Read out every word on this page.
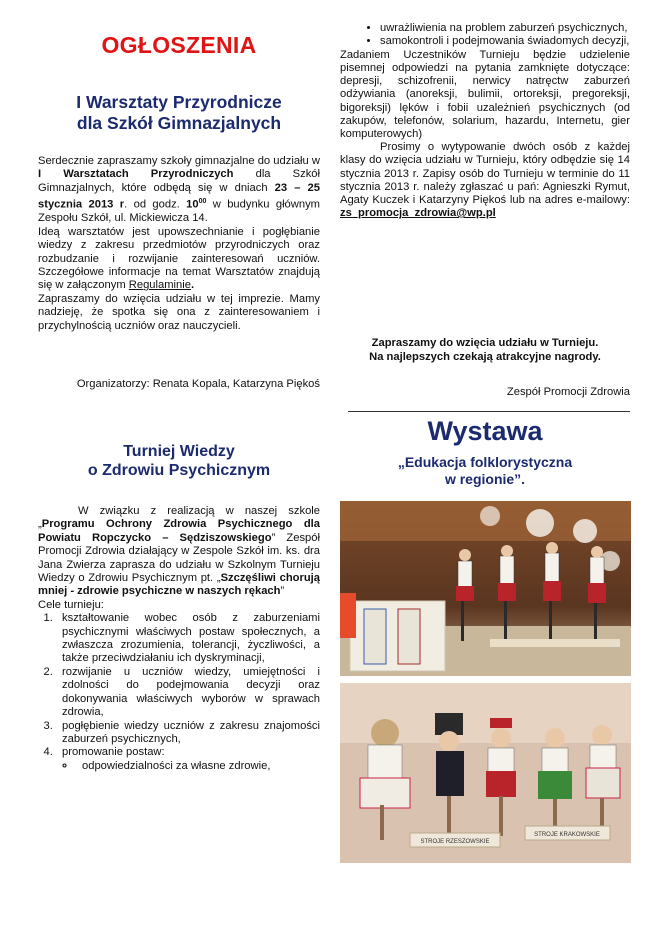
OGŁOSZENIA
I Warsztaty Przyrodnicze
dla Szkół Gimnazjalnych

Serdecznie zapraszamy szkoły gimnazjalne do udziału w I Warsztatach Przyrodniczych dla Szkół Gimnazjalnych, które odbędą się w dniach 23 – 25 stycznia 2013 r. od godz. $10^{00}$ w budynku głównym Zespołu Szkół, ul. Mickiewicza 14.

Ideą warsztatów jest upowszechnianie i pogłębianie wiedzy z zakresu przedmiotów przyrodniczych oraz rozbudzanie i rozwijanie zainteresowań uczniów. Szczegółowe informacje na temat Warsztatów znajdują się w załączonym Regulaminie.

Zapraszamy do wzięcia udziału w tej imprezie. Mamy nadzieję, że spotka się ona z zainteresowaniem i przychylnością uczniów oraz nauczycieli.

Organizatorzy: Renata Kopala, Katarzyna Piękoś
Turniej Wiedzy
o Zdrowiu Psychicznym

W związku z realizacją w naszej szkole „Programu Ochrony Zdrowia Psychicznego dla Powiatu Ropczycko – Sędziszowskiego” Zespół Promocji Zdrowia działający w Zespole Szkół im. ks. dra Jana Zwierza zaprasza do udziału w Szkolnym Turnieju Wiedzy o Zdrowiu Psychicznym pt. „Szczęśliwi chorują mniej - zdrowie psychiczne w naszych rękach”

Cele turnieju:

1. kształtowanie wobec osób z zaburzeniami psychicznymi właściwych postaw społecznych, a zwłaszcza zrozumienia, tolerancji, życzliwości, a także przeciwdziałaniu ich dyskryminacji,
2. rozwijanie u uczniów wiedzy, umiejętności i zdolności do podejmowania decyzji oraz dokonywania właściwych wyborów w sprawach zdrowia,
3. pogłębienie wiedzy uczniów z zakresu znajomości zaburzeń psychicznych,
4. promowanie postaw:
◦ odpowiedzialności za własne zdrowie,
• uwrażliwienia na problem zaburzeń psychicznych,
• samokontroli i podejmowania świadomych decyzji,

Zadaniem Uczestników Turnieju będzie udzielenie pisemnej odpowiedzi na pytania zamknięte dotyczące: depresji, schizofrenii, nerwicy natręctw zaburzeń odżywiania (anoreksji, bulimii, ortoreksji, pregoreksji, bigoreksji) lęków i fobii uzależnień psychicznych (od zakupów, telefonów, solarium, hazardu, Internetu, gier komputerowych)

Prosimy o wytypowanie dwóch osób z każdej klasy do wzięcia udziału w Turnieju, który odbędzie się 14 stycznia 2013 r. Zapisy osób do Turnieju w terminie do 11 stycznia 2013 r. należy zgłaszać u pań: Agnieszki Rymut, Agaty Kuczek i Katarzyny Piękoś lub na adres e-mailowy: zs_promocja_zdrowia@wp.pl

Zapraszamy do wzięcia udziału w Turnieju.
Na najlepszych czekają atrakcyjne nagrody.
Zespół Promocji Zdrowia
Wystawa
„Edukacja folklorystyczna
w regionie”.
STROJE RZESZOWSKIE
STROJE KRAKOWSKIE
